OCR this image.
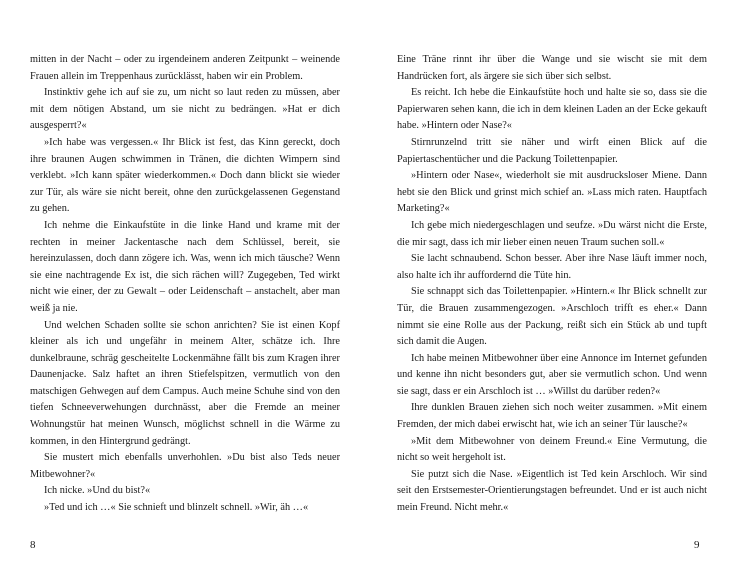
mitten in der Nacht – oder zu irgendeinem anderen Zeitpunkt – weinende Frauen allein im Treppenhaus zurücklässt, haben wir ein Problem.

Instinktiv gehe ich auf sie zu, um nicht so laut reden zu müssen, aber mit dem nötigen Abstand, um sie nicht zu bedrängen. »Hat er dich ausgesperrt?«

»Ich habe was vergessen.« Ihr Blick ist fest, das Kinn gereckt, doch ihre braunen Augen schwimmen in Tränen, die dichten Wimpern sind verklebt. »Ich kann später wiederkommen.« Doch dann blickt sie wieder zur Tür, als wäre sie nicht bereit, ohne den zurückgelassenen Gegenstand zu gehen.

Ich nehme die Einkaufstüte in die linke Hand und krame mit der rechten in meiner Jackentasche nach dem Schlüssel, bereit, sie hereinzulassen, doch dann zögere ich. Was, wenn ich mich täusche? Wenn sie eine nachtragende Ex ist, die sich rächen will? Zugegeben, Ted wirkt nicht wie einer, der zu Gewalt – oder Leidenschaft – anstachelt, aber man weiß ja nie.

Und welchen Schaden sollte sie schon anrichten? Sie ist einen Kopf kleiner als ich und ungefähr in meinem Alter, schätze ich. Ihre dunkelbraune, schräg gescheitelte Lockenmähne fällt bis zum Kragen ihrer Daunenjacke. Salz haftet an ihren Stiefelspitzen, vermutlich von den matschigen Gehwegen auf dem Campus. Auch meine Schuhe sind von den tiefen Schneeverwehungen durchnässt, aber die Fremde an meiner Wohnungstür hat meinen Wunsch, möglichst schnell in die Wärme zu kommen, in den Hintergrund gedrängt.

Sie mustert mich ebenfalls unverhohlen. »Du bist also Teds neuer Mitbewohner?«

Ich nicke. »Und du bist?«

»Ted und ich …« Sie schnieft und blinzelt schnell. »Wir, äh …«

Eine Träne rinnt ihr über die Wange und sie wischt sie mit dem Handrücken fort, als ärgere sie sich über sich selbst.

Es reicht. Ich hebe die Einkaufstüte hoch und halte sie so, dass sie die Papierwaren sehen kann, die ich in dem kleinen Laden an der Ecke gekauft habe. »Hintern oder Nase?«

Stirnrunzelnd tritt sie näher und wirft einen Blick auf die Papiertaschentücher und die Packung Toilettenpapier.

»Hintern oder Nase«, wiederholt sie mit ausdrucksloser Miene. Dann hebt sie den Blick und grinst mich schief an. »Lass mich raten. Hauptfach Marketing?«

Ich gebe mich niedergeschlagen und seufze. »Du wärst nicht die Erste, die mir sagt, dass ich mir lieber einen neuen Traum suchen soll.«

Sie lacht schnaubend. Schon besser. Aber ihre Nase läuft immer noch, also halte ich ihr auffordernd die Tüte hin.

Sie schnappt sich das Toilettenpapier. »Hintern.« Ihr Blick schnellt zur Tür, die Brauen zusammengezogen. »Arschloch trifft es eher.« Dann nimmt sie eine Rolle aus der Packung, reißt sich ein Stück ab und tupft sich damit die Augen.

Ich habe meinen Mitbewohner über eine Annonce im Internet gefunden und kenne ihn nicht besonders gut, aber sie vermutlich schon. Und wenn sie sagt, dass er ein Arschloch ist … »Willst du darüber reden?«

Ihre dunklen Brauen ziehen sich noch weiter zusammen. »Mit einem Fremden, der mich dabei erwischt hat, wie ich an seiner Tür lausche?«

»Mit dem Mitbewohner von deinem Freund.« Eine Vermutung, die nicht so weit hergeholt ist.

Sie putzt sich die Nase. »Eigentlich ist Ted kein Arschloch. Wir sind seit den Erstsemester-Orientierungstagen befreundet. Und er ist auch nicht mein Freund. Nicht mehr.«

8	9
